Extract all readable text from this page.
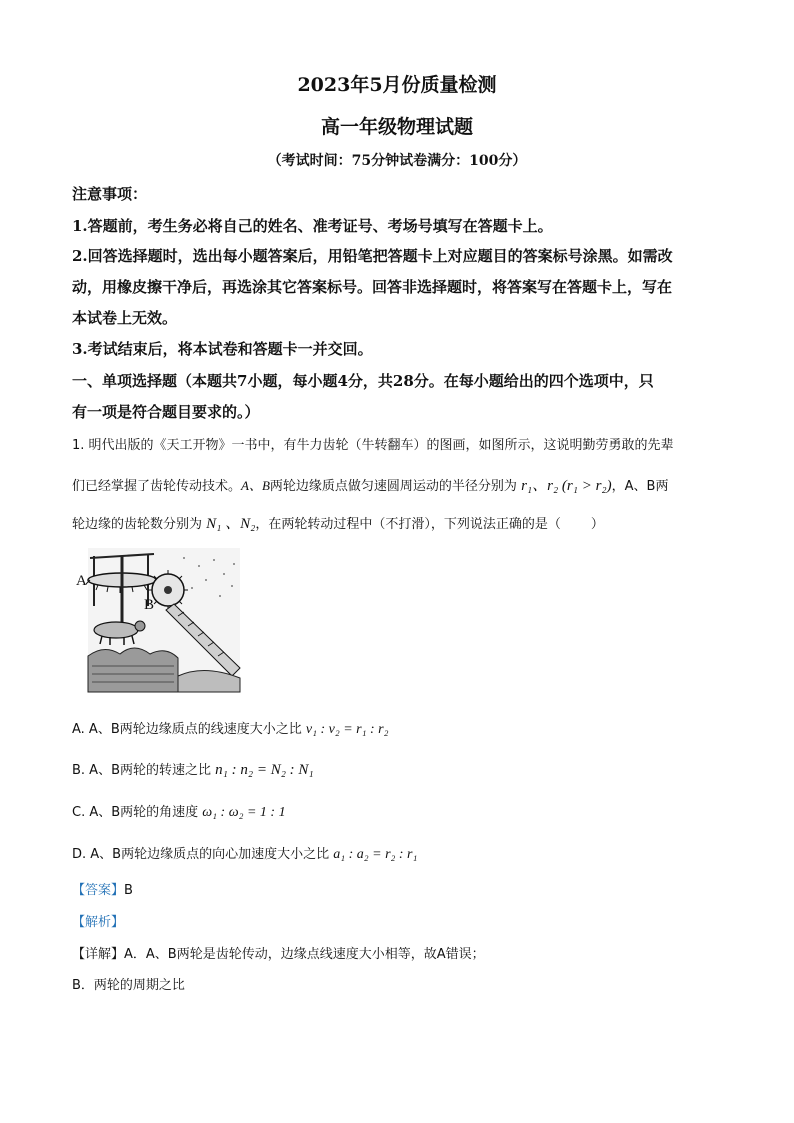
2023年5月份质量检测
高一年级物理试题
（考试时间：75分钟试卷满分：100分）
注意事项：
1.答题前，考生务必将自己的姓名、准考证号、考场号填写在答题卡上。
2.回答选择题时，选出每小题答案后，用铅笔把答题卡上对应题目的答案标号涂黑。如需改
动，用橡皮擦干净后，再选涂其它答案标号。回答非选择题时，将答案写在答题卡上，写在
本试卷上无效。
3.考试结束后，将本试卷和答题卡一并交回。
一、单项选择题（本题共7小题，每小题4分，共28分。在每小题给出的四个选项中，只
有一项是符合题目要求的。）
1. 明代出版的《天工开物》一书中，有牛力齿轮（牛转翻车）的图画，如图所示，这说明勤劳勇敢的先辈
们已经掌握了齿轮传动技术。A、B两轮边缘质点做匀速圆周运动的半径分别为 r₁、r₂ (r₁ > r₂)，A、B两
轮边缘的齿轮数分别为 N₁ 、N₂，在两轮转动过程中（不打滑），下列说法正确的是（ ）
A
B
A. A、B两轮边缘质点的线速度大小之比 v₁ : v₂ = r₁ : r₂
B. A、B两轮的转速之比 n₁ : n₂ = N₂ : N₁
C. A、B两轮的角速度 ω₁ : ω₂ = 1 : 1
D. A、B两轮边缘质点的向心加速度大小之比 a₁ : a₂ = r₂ : r₁
【答案】B
【解析】
【详解】A．A、B两轮是齿轮传动，边缘点线速度大小相等，故A错误；
B．两轮的周期之比
